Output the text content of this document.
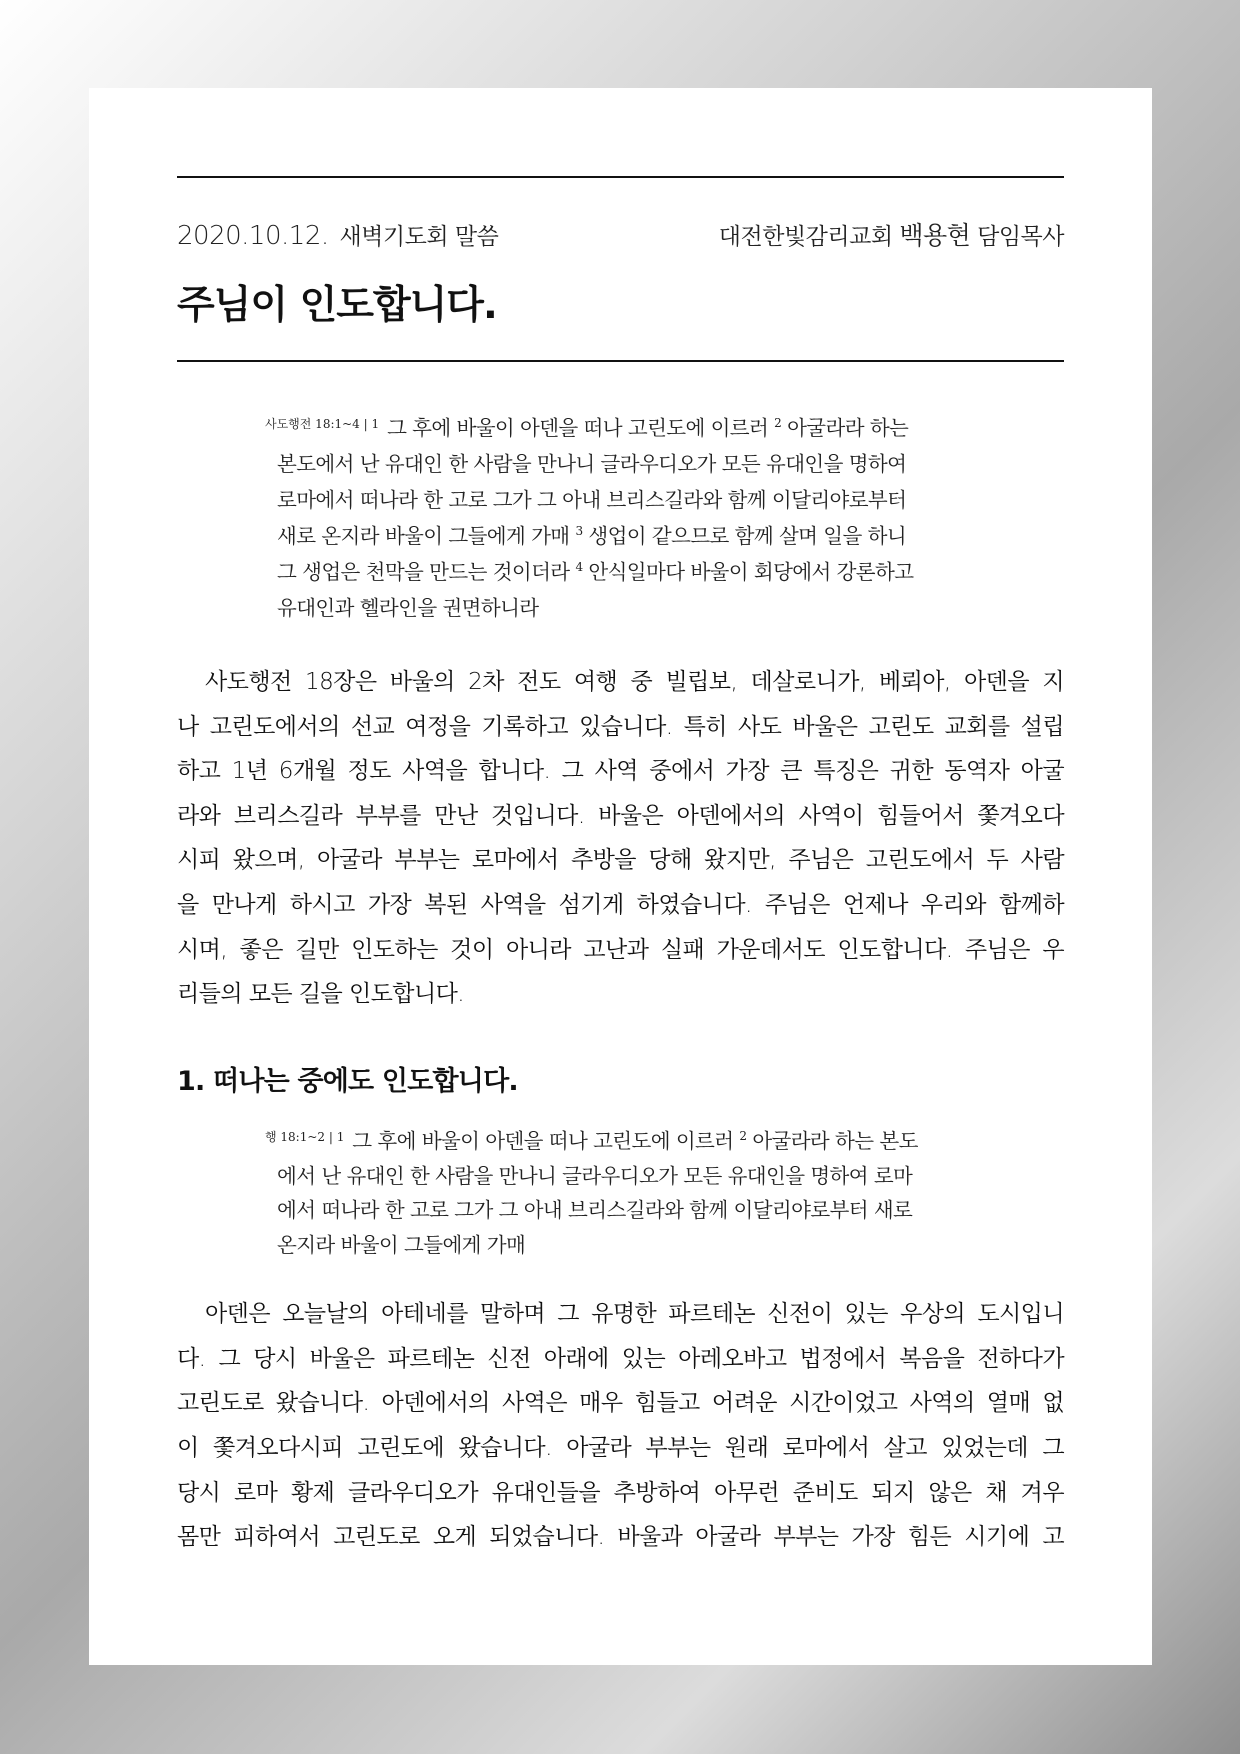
2020.10.12. 새벽기도회 말씀	대전한빛감리교회 백용현 담임목사
주님이 인도합니다.
$^{사도행전 18:1\sim 4 | 1}$ 그 후에 바울이 아덴을 떠나 고린도에 이르러 $^2$ 아굴라라 하는
본도에서 난 유대인 한 사람을 만나니 글라우디오가 모든 유대인을 명하여
로마에서 떠나라 한 고로 그가 그 아내 브리스길라와 함께 이달리야로부터
새로 온지라 바울이 그들에게 가매 $^3$ 생업이 같으므로 함께 살며 일을 하니
그 생업은 천막을 만드는 것이더라 $^4$ 안식일마다 바울이 회당에서 강론하고
유대인과 헬라인을 권면하니라
사도행전 18장은 바울의 2차 전도 여행 중 빌립보, 데살로니가, 베뢰아, 아덴을 지
나 고린도에서의 선교 여정을 기록하고 있습니다. 특히 사도 바울은 고린도 교회를 설립
하고 1년 6개월 정도 사역을 합니다. 그 사역 중에서 가장 큰 특징은 귀한 동역자 아굴
라와 브리스길라 부부를 만난 것입니다. 바울은 아덴에서의 사역이 힘들어서 쫓겨오다
시피 왔으며, 아굴라 부부는 로마에서 추방을 당해 왔지만, 주님은 고린도에서 두 사람
을 만나게 하시고 가장 복된 사역을 섬기게 하였습니다. 주님은 언제나 우리와 함께하
시며, 좋은 길만 인도하는 것이 아니라 고난과 실패 가운데서도 인도합니다. 주님은 우
리들의 모든 길을 인도합니다.
1. 떠나는 중에도 인도합니다.
$^{행 18:1\sim 2 | 1}$ 그 후에 바울이 아덴을 떠나 고린도에 이르러 $^2$ 아굴라라 하는 본도
에서 난 유대인 한 사람을 만나니 글라우디오가 모든 유대인을 명하여 로마
에서 떠나라 한 고로 그가 그 아내 브리스길라와 함께 이달리야로부터 새로
온지라 바울이 그들에게 가매
아덴은 오늘날의 아테네를 말하며 그 유명한 파르테논 신전이 있는 우상의 도시입니
다. 그 당시 바울은 파르테논 신전 아래에 있는 아레오바고 법정에서 복음을 전하다가
고린도로 왔습니다. 아덴에서의 사역은 매우 힘들고 어려운 시간이었고 사역의 열매 없
이 쫓겨오다시피 고린도에 왔습니다. 아굴라 부부는 원래 로마에서 살고 있었는데 그
당시 로마 황제 글라우디오가 유대인들을 추방하여 아무런 준비도 되지 않은 채 겨우
몸만 피하여서 고린도로 오게 되었습니다. 바울과 아굴라 부부는 가장 힘든 시기에 고
